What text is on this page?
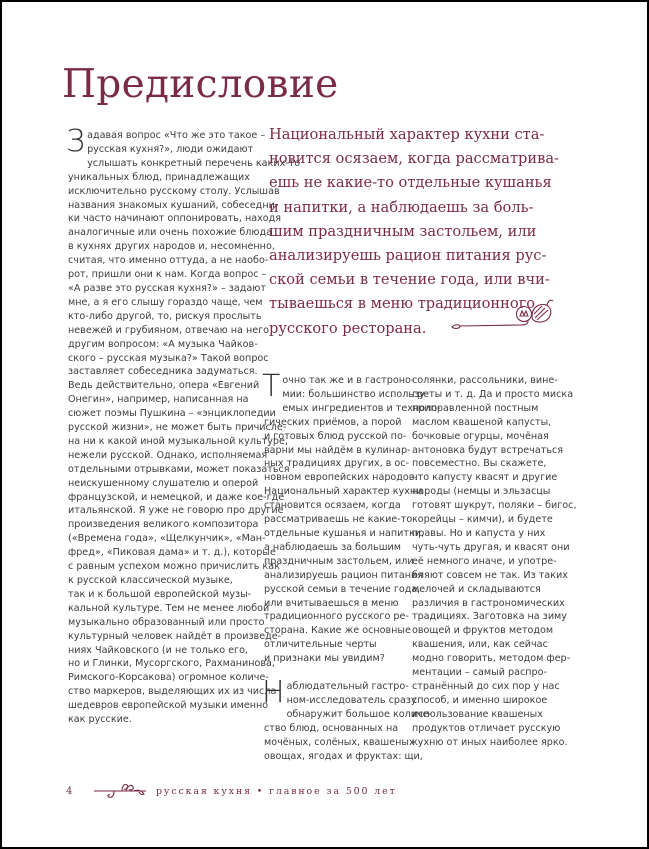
Предисловие
З адавая вопрос «Что же это такое –
русская кухня?», люди ожидают
услышать конкретный перечень каких-то
уникальных блюд, принадлежащих
исключительно русскому столу. Услышав
названия знакомых кушаний, собеседни-
ки часто начинают оппонировать, находя
аналогичные или очень похожие блюда
в кухнях других народов и, несомненно,
считая, что именно оттуда, а не наобо-
рот, пришли они к нам. Когда вопрос –
«А разве это русская кухня?» – задают
мне, а я его слышу гораздо чаще, чем
кто-либо другой, то, рискуя прослыть
невежей и грубияном, отвечаю на него
другим вопросом: «А музыка Чайков-
ского – русская музыка?» Такой вопрос
заставляет собеседника задуматься.
Ведь действительно, опера «Евгений
Онегин», например, написанная на
сюжет поэмы Пушкина – «энциклопедии
русской жизни», не может быть причисле-
на ни к какой иной музыкальной культуре,
нежели русской. Однако, исполняемая
отдельными отрывками, может показаться
неискушенному слушателю и оперой
французской, и немецкой, и даже кое-где
итальянской. Я уже не говорю про другие
произведения великого композитора
(«Времена года», «Щелкунчик», «Ман-
фред», «Пиковая дама» и т. д.), которые
с равным успехом можно причислить как
к русской классической музыке,
так и к большой европейской музы-
кальной культуре. Тем не менее любой
музыкально образованный или просто
культурный человек найдёт в произведе-
ниях Чайковского (и не только его,
но и Глинки, Мусоргского, Рахманинова,
Римского-Корсакова) огромное количе-
ство маркеров, выделяющих их из числа
шедевров европейской музыки именно
как русские.
Национальный характер кухни ста-
новится осязаем, когда рассматрива-
ешь не какие-то отдельные кушанья
и напитки, а наблюдаешь за боль-
шим праздничным застольем, или
анализируешь рацион питания рус-
ской семьи в течение года, или вчи-
тываешься в меню традиционного
русского ресторана.
Т очно так же и в гастроно-
мии: большинство использу-
емых ингредиентов и техноло-
гических приёмов, а порой
и готовых блюд русской по-
варни мы найдём в кулинар-
ных традициях других, в ос-
новном европейских народов.
Национальный характер кухни
становится осязаем, когда
рассматриваешь не какие-то
отдельные кушанья и напитки,
а наблюдаешь за большим
праздничным застольем, или
анализируешь рацион питания
русской семьи в течение года,
или вчитываешься в меню
традиционного русского ре-
сторана. Какие же основные
отличительные черты
и признаки мы увидим?
Н аблюдательный гастро-
ном-исследователь сразу
обнаружит большое количе-
ство блюд, основанных на
мочёных, солёных, квашеных
овощах, ягодах и фруктах: щи,
солянки, рассольники, вине-
греты и т. д. Да и просто миска
приправленной постным
маслом квашеной капусты,
бочковые огурцы, мочёная
антоновка будут встречаться
повсеместно. Вы скажете,
что капусту квасят и другие
народы (немцы и эльзасцы
готовят шукрут, поляки – бигос,
корейцы – кимчи), и будете
правы. Но и капуста у них
чуть-чуть другая, и квасят они
её немного иначе, и употре-
бляют совсем не так. Из таких
мелочей и складываются
различия в гастрономических
традициях. Заготовка на зиму
овощей и фруктов методом
квашения, или, как сейчас
модно говорить, методом фер-
ментации – самый распро-
странённый до сих пор у нас
способ, и именно широкое
использование квашеных
продуктов отличает русскую
кухню от иных наиболее ярко.
4	русская кухня • главное за 500 лет
